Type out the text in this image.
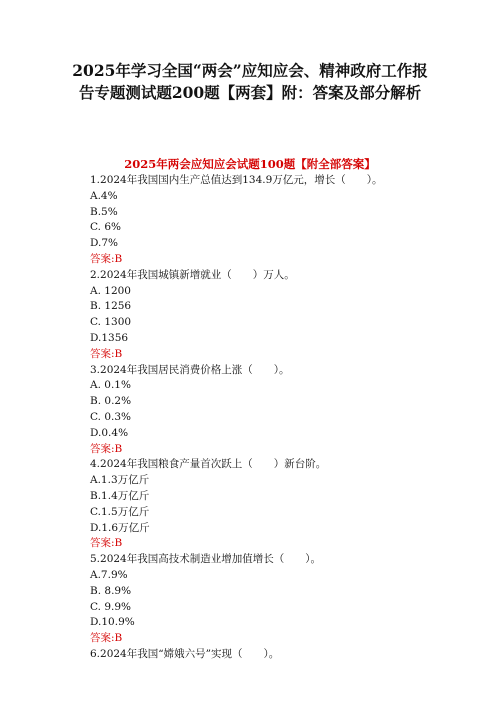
2025年学习全国“两会”应知应会、精神政府工作报
告专题测试题200题【两套】附：答案及部分解析
2025年两会应知应会试题100题【附全部答案】
1.2024年我国国内生产总值达到134.9万亿元，增长（　　）。
A.4%
B.5%
C. 6%
D.7%
答案:B
2.2024年我国城镇新增就业（　　）万人。
A. 1200
B. 1256
C. 1300
D.1356
答案:B
3.2024年我国居民消费价格上涨（　　）。
A. 0.1%
B. 0.2%
C. 0.3%
D.0.4%
答案:B
4.2024年我国粮食产量首次跃上（　　）新台阶。
A.1.3万亿斤
B.1.4万亿斤
C.1.5万亿斤
D.1.6万亿斤
答案:B
5.2024年我国高技术制造业增加值增长（　　）。
A.7.9%
B. 8.9%
C. 9.9%
D.10.9%
答案:B
6.2024年我国“嫦娥六号”实现（　　）。
